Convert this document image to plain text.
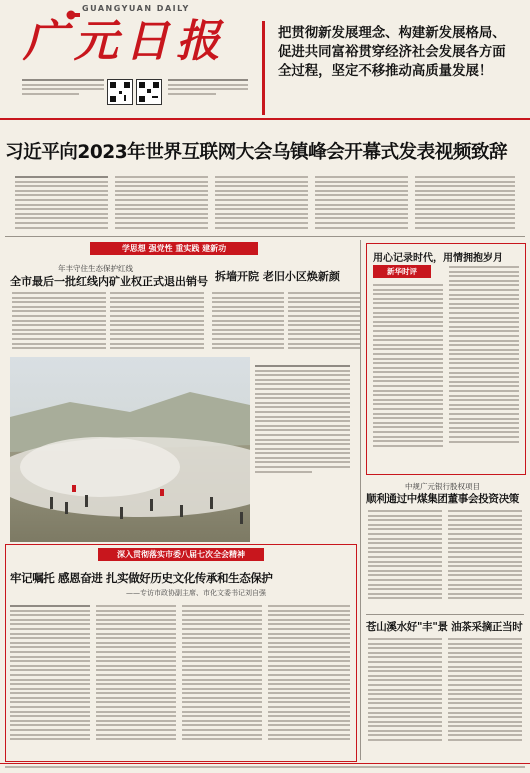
GUANGYUAN DAILY
广元日报	把贯彻新发展理念、构建新发展格局、促进共同富裕贯穿经济社会发展各方面全过程，坚定不移推动高质量发展！
习近平向2023年世界互联网大会乌镇峰会开幕式发表视频致辞
学思想 强党性 重实践 建新功
年丰守住生态保护红线
全市最后一批红线内矿业权正式退出销号 拆墙开院 老旧小区焕新颜
用心记录时代，用情拥抱岁月
新华时评
中规广元银行股权项目
顺利通过中煤集团董事会投资决策
苍山溪水好"丰"景 油茶采摘正当时
深入贯彻落实市委八届七次全会精神
牢记嘱托 感恩奋进 扎实做好历史文化传承和生态保护
——专访市政协副主席、市化文委书记刘自强
